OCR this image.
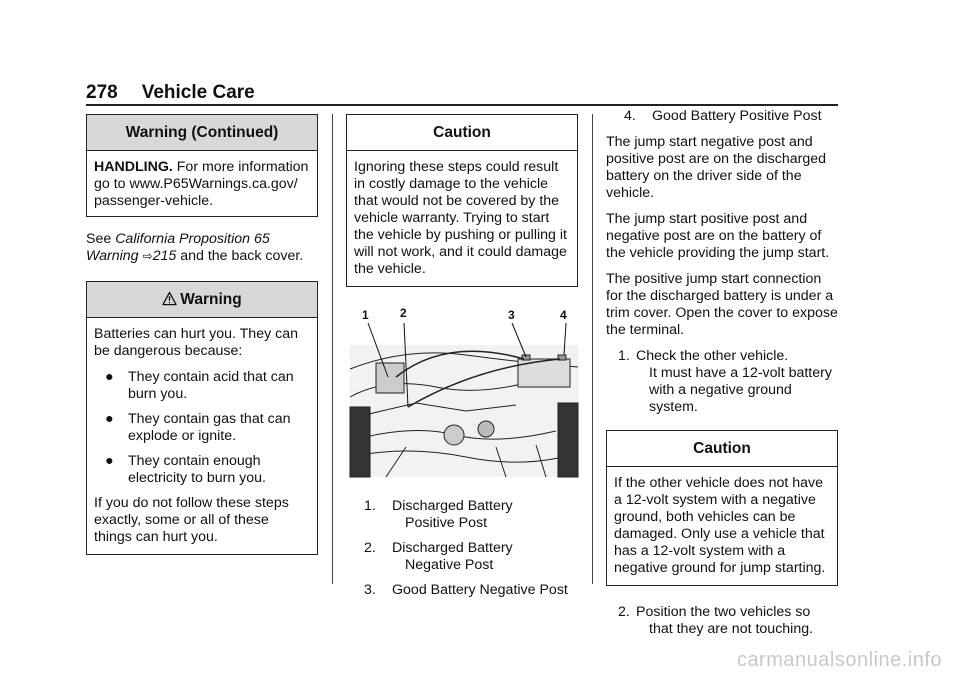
278 Vehicle Care
Warning (Continued)

HANDLING. For more information go to www.P65Warnings.ca.gov/ passenger-vehicle.

See California Proposition 65 Warning ⇨215 and the back cover.

Warning

Batteries can hurt you. They can be dangerous because:

● They contain acid that can burn you.
● They contain gas that can explode or ignite.
● They contain enough electricity to burn you.

If you do not follow these steps exactly, some or all of these things can hurt you.

Caution

Ignoring these steps could result in costly damage to the vehicle that would not be covered by the vehicle warranty. Trying to start the vehicle by pushing or pulling it will not work, and it could damage the vehicle.

1	2	3	4
1. Discharged Battery
Positive Post
2. Discharged Battery
Negative Post
3. Good Battery Negative Post
4. Good Battery Positive Post

The jump start negative post and positive post are on the discharged battery on the driver side of the vehicle.

The jump start positive post and negative post are on the battery of the vehicle providing the jump start.

The positive jump start connection for the discharged battery is under a trim cover. Open the cover to expose the terminal.

1. Check the other vehicle.
It must have a 12-volt battery with a negative ground system.
Caution

If the other vehicle does not have a 12-volt system with a negative ground, both vehicles can be damaged. Only use a vehicle that has a 12-volt system with a negative ground for jump starting.

2. Position the two vehicles so
that they are not touching.
carmanualsonline.info
